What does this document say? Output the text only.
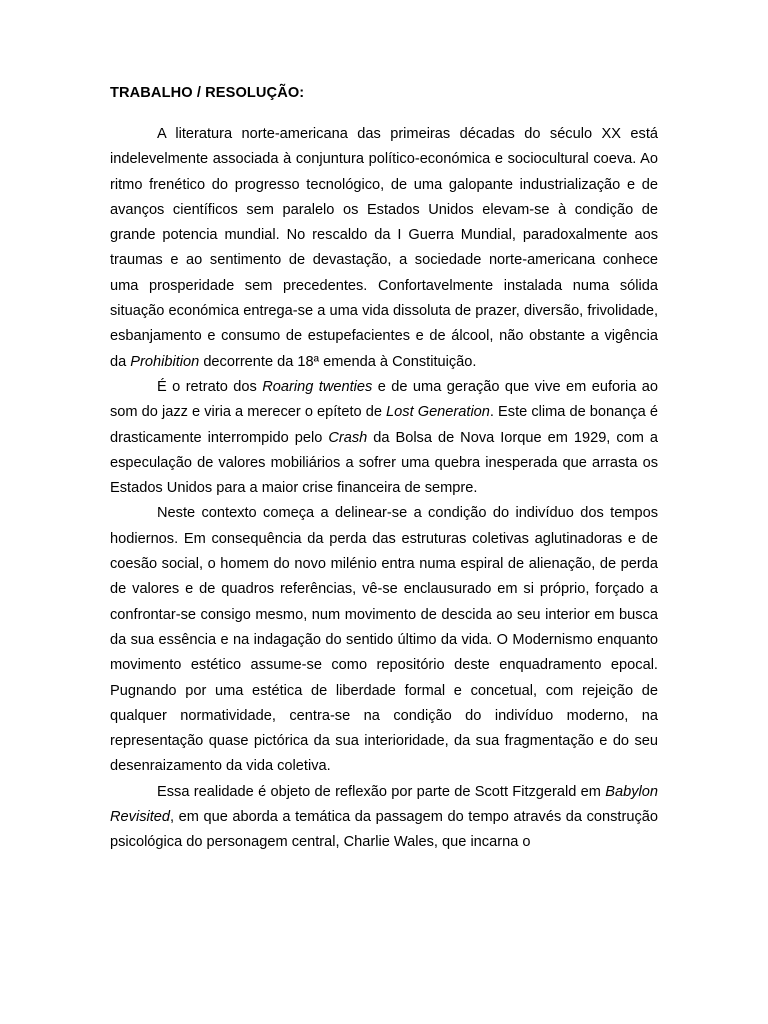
TRABALHO / RESOLUÇÃO:

A literatura norte-americana das primeiras décadas do século XX está indelevelmente associada à conjuntura político-económica e sociocultural coeva. Ao ritmo frenético do progresso tecnológico, de uma galopante industrialização e de avanços científicos sem paralelo os Estados Unidos elevam-se à condição de grande potencia mundial. No rescaldo da I Guerra Mundial, paradoxalmente aos traumas e ao sentimento de devastação, a sociedade norte-americana conhece uma prosperidade sem precedentes. Confortavelmente instalada numa sólida situação económica entrega-se a uma vida dissoluta de prazer, diversão, frivolidade, esbanjamento e consumo de estupefacientes e de álcool, não obstante a vigência da Prohibition decorrente da 18ª emenda à Constituição.

É o retrato dos Roaring twenties e de uma geração que vive em euforia ao som do jazz e viria a merecer o epíteto de Lost Generation. Este clima de bonança é drasticamente interrompido pelo Crash da Bolsa de Nova Iorque em 1929, com a especulação de valores mobiliários a sofrer uma quebra inesperada que arrasta os Estados Unidos para a maior crise financeira de sempre.

Neste contexto começa a delinear-se a condição do indivíduo dos tempos hodiernos. Em consequência da perda das estruturas coletivas aglutinadoras e de coesão social, o homem do novo milénio entra numa espiral de alienação, de perda de valores e de quadros referências, vê-se enclausurado em si próprio, forçado a confrontar-se consigo mesmo, num movimento de descida ao seu interior em busca da sua essência e na indagação do sentido último da vida. O Modernismo enquanto movimento estético assume-se como repositório deste enquadramento epocal. Pugnando por uma estética de liberdade formal e concetual, com rejeição de qualquer normatividade, centra-se na condição do indivíduo moderno, na representação quase pictórica da sua interioridade, da sua fragmentação e do seu desenraizamento da vida coletiva.

Essa realidade é objeto de reflexão por parte de Scott Fitzgerald em Babylon Revisited, em que aborda a temática da passagem do tempo através da construção psicológica do personagem central, Charlie Wales, que incarna o
